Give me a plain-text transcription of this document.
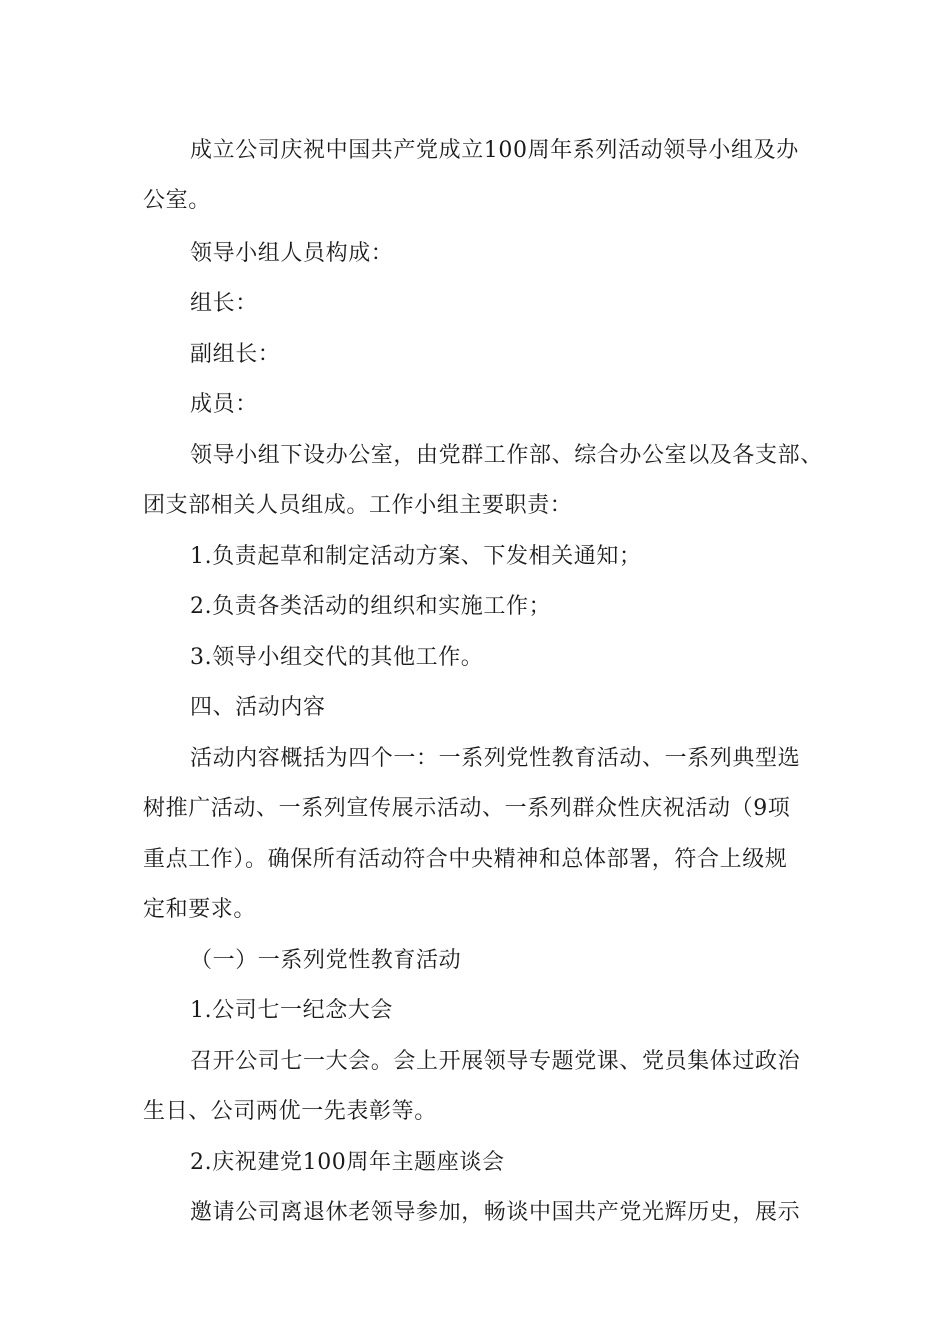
成立公司庆祝中国共产党成立100周年系列活动领导小组及办
公室。
领导小组人员构成：
组长：
副组长：
成员：
领导小组下设办公室，由党群工作部、综合办公室以及各支部、
团支部相关人员组成。工作小组主要职责：
1.负责起草和制定活动方案、下发相关通知；
2.负责各类活动的组织和实施工作；
3.领导小组交代的其他工作。
四、活动内容
活动内容概括为四个一：一系列党性教育活动、一系列典型选
树推广活动、一系列宣传展示活动、一系列群众性庆祝活动（9项
重点工作）。确保所有活动符合中央精神和总体部署，符合上级规
定和要求。
（一）一系列党性教育活动
1.公司七一纪念大会
召开公司七一大会。会上开展领导专题党课、党员集体过政治
生日、公司两优一先表彰等。
2.庆祝建党100周年主题座谈会
邀请公司离退休老领导参加，畅谈中国共产党光辉历史，展示
